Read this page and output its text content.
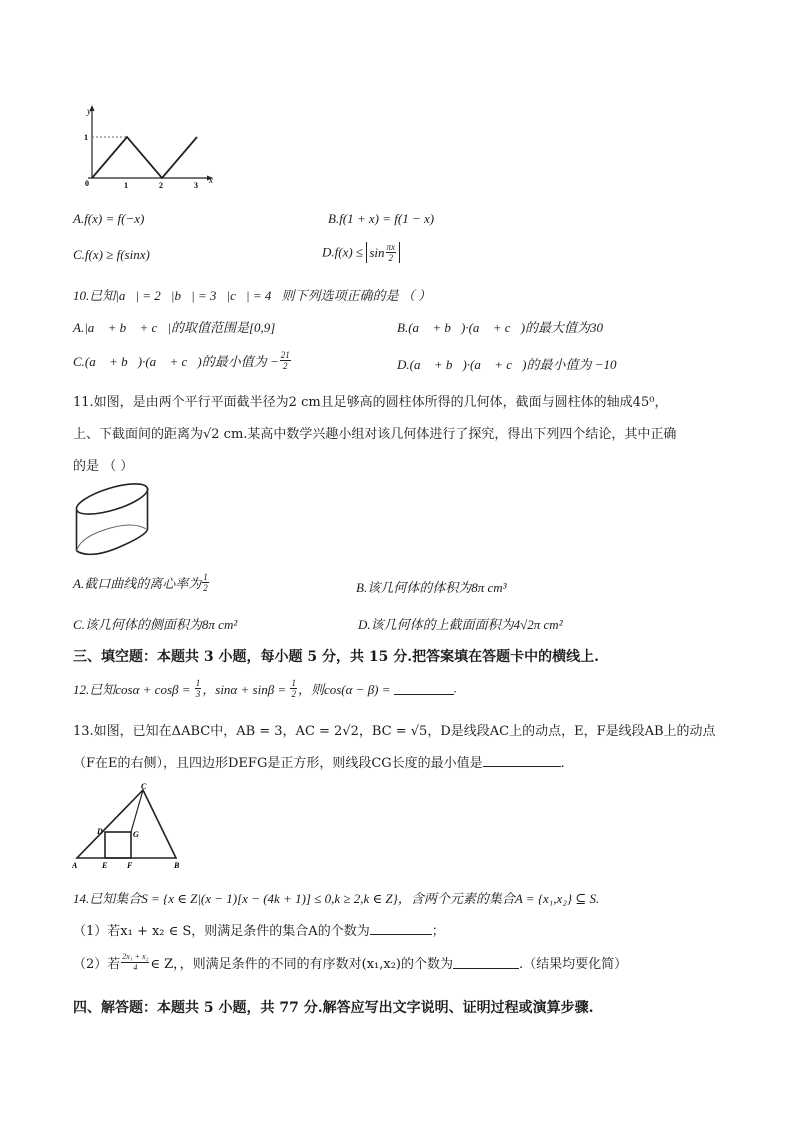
y
x
0
1
1	2	3
A.f(x) = f(−x)	B.f(1 + x) = f(1 − x)
C.f(x) ≥ f(sinx)	$D.f(x) \le \sin \frac{\pi x}{2}$
10.已知|a⃗| = 2，|b⃗| = 3，|c⃗| = 4，则下列选项正确的是 （ ）
A.|a⃗ + b⃗ + c⃗|的取值范围是[0,9]	B.(a⃗ + b⃗)·(a⃗ + c⃗)的最大值为30
C.(a⃗ + b⃗)·(a⃗ + c⃗)的最小值为 − $\frac{21}{2}$	D.(a⃗ + b⃗)·(a⃗ + c⃗)的最小值为 −10
11.如图，是由两个平行平面截半径为2 cm且足够高的圆柱体所得的几何体，截面与圆柱体的轴成45⁰，
上、下截面间的距离为√2 cm.某高中数学兴趣小组对该几何体进行了探究，得出下列四个结论，其中正确
的是 （ ）
A.截口曲线的离心率为 $\frac{1}{2}$	B.该几何体的体积为8π cm³
C.该几何体的侧面积为8π cm²	D.该几何体的上截面面积为4√2π cm²
三、填空题：本题共 3 小题，每小题 5 分，共 15 分.把答案填在答题卡中的横线上.
12.已知$\cos\alpha + \cos\beta = \frac{1}{3}$ ，$\sin\alpha + \sin\beta = \frac{1}{2}$ ，则cos(α − β) =	.
13.如图，已知在ΔABC中，AB = 3，AC = 2√2，BC = √5，D是线段AC上的动点，E，F是线段AB上的动点
（F在E的右侧），且四边形DEFG是正方形，则线段CG长度的最小值是	.
A	B
C
D
E F
G
14.已知集合S = {x ∈ Z|(x − 1)[x − (4k + 1)] ≤ 0,k ≥ 2,k ∈ Z}，含两个元素的集合A = {x₁,x₂} ⊆ S.
（1）若x₁ + x₂ ∈ S，则满足条件的集合A的个数为	；
（2）若 $\frac{\text{2x₁ + x₂}}{4}$ ∈ Z，，则满足条件的不同的有序数对(x₁,x₂)的个数为	.（结果均要化简）
四、解答题：本题共 5 小题，共 77 分.解答应写出文字说明、证明过程或演算步骤.
